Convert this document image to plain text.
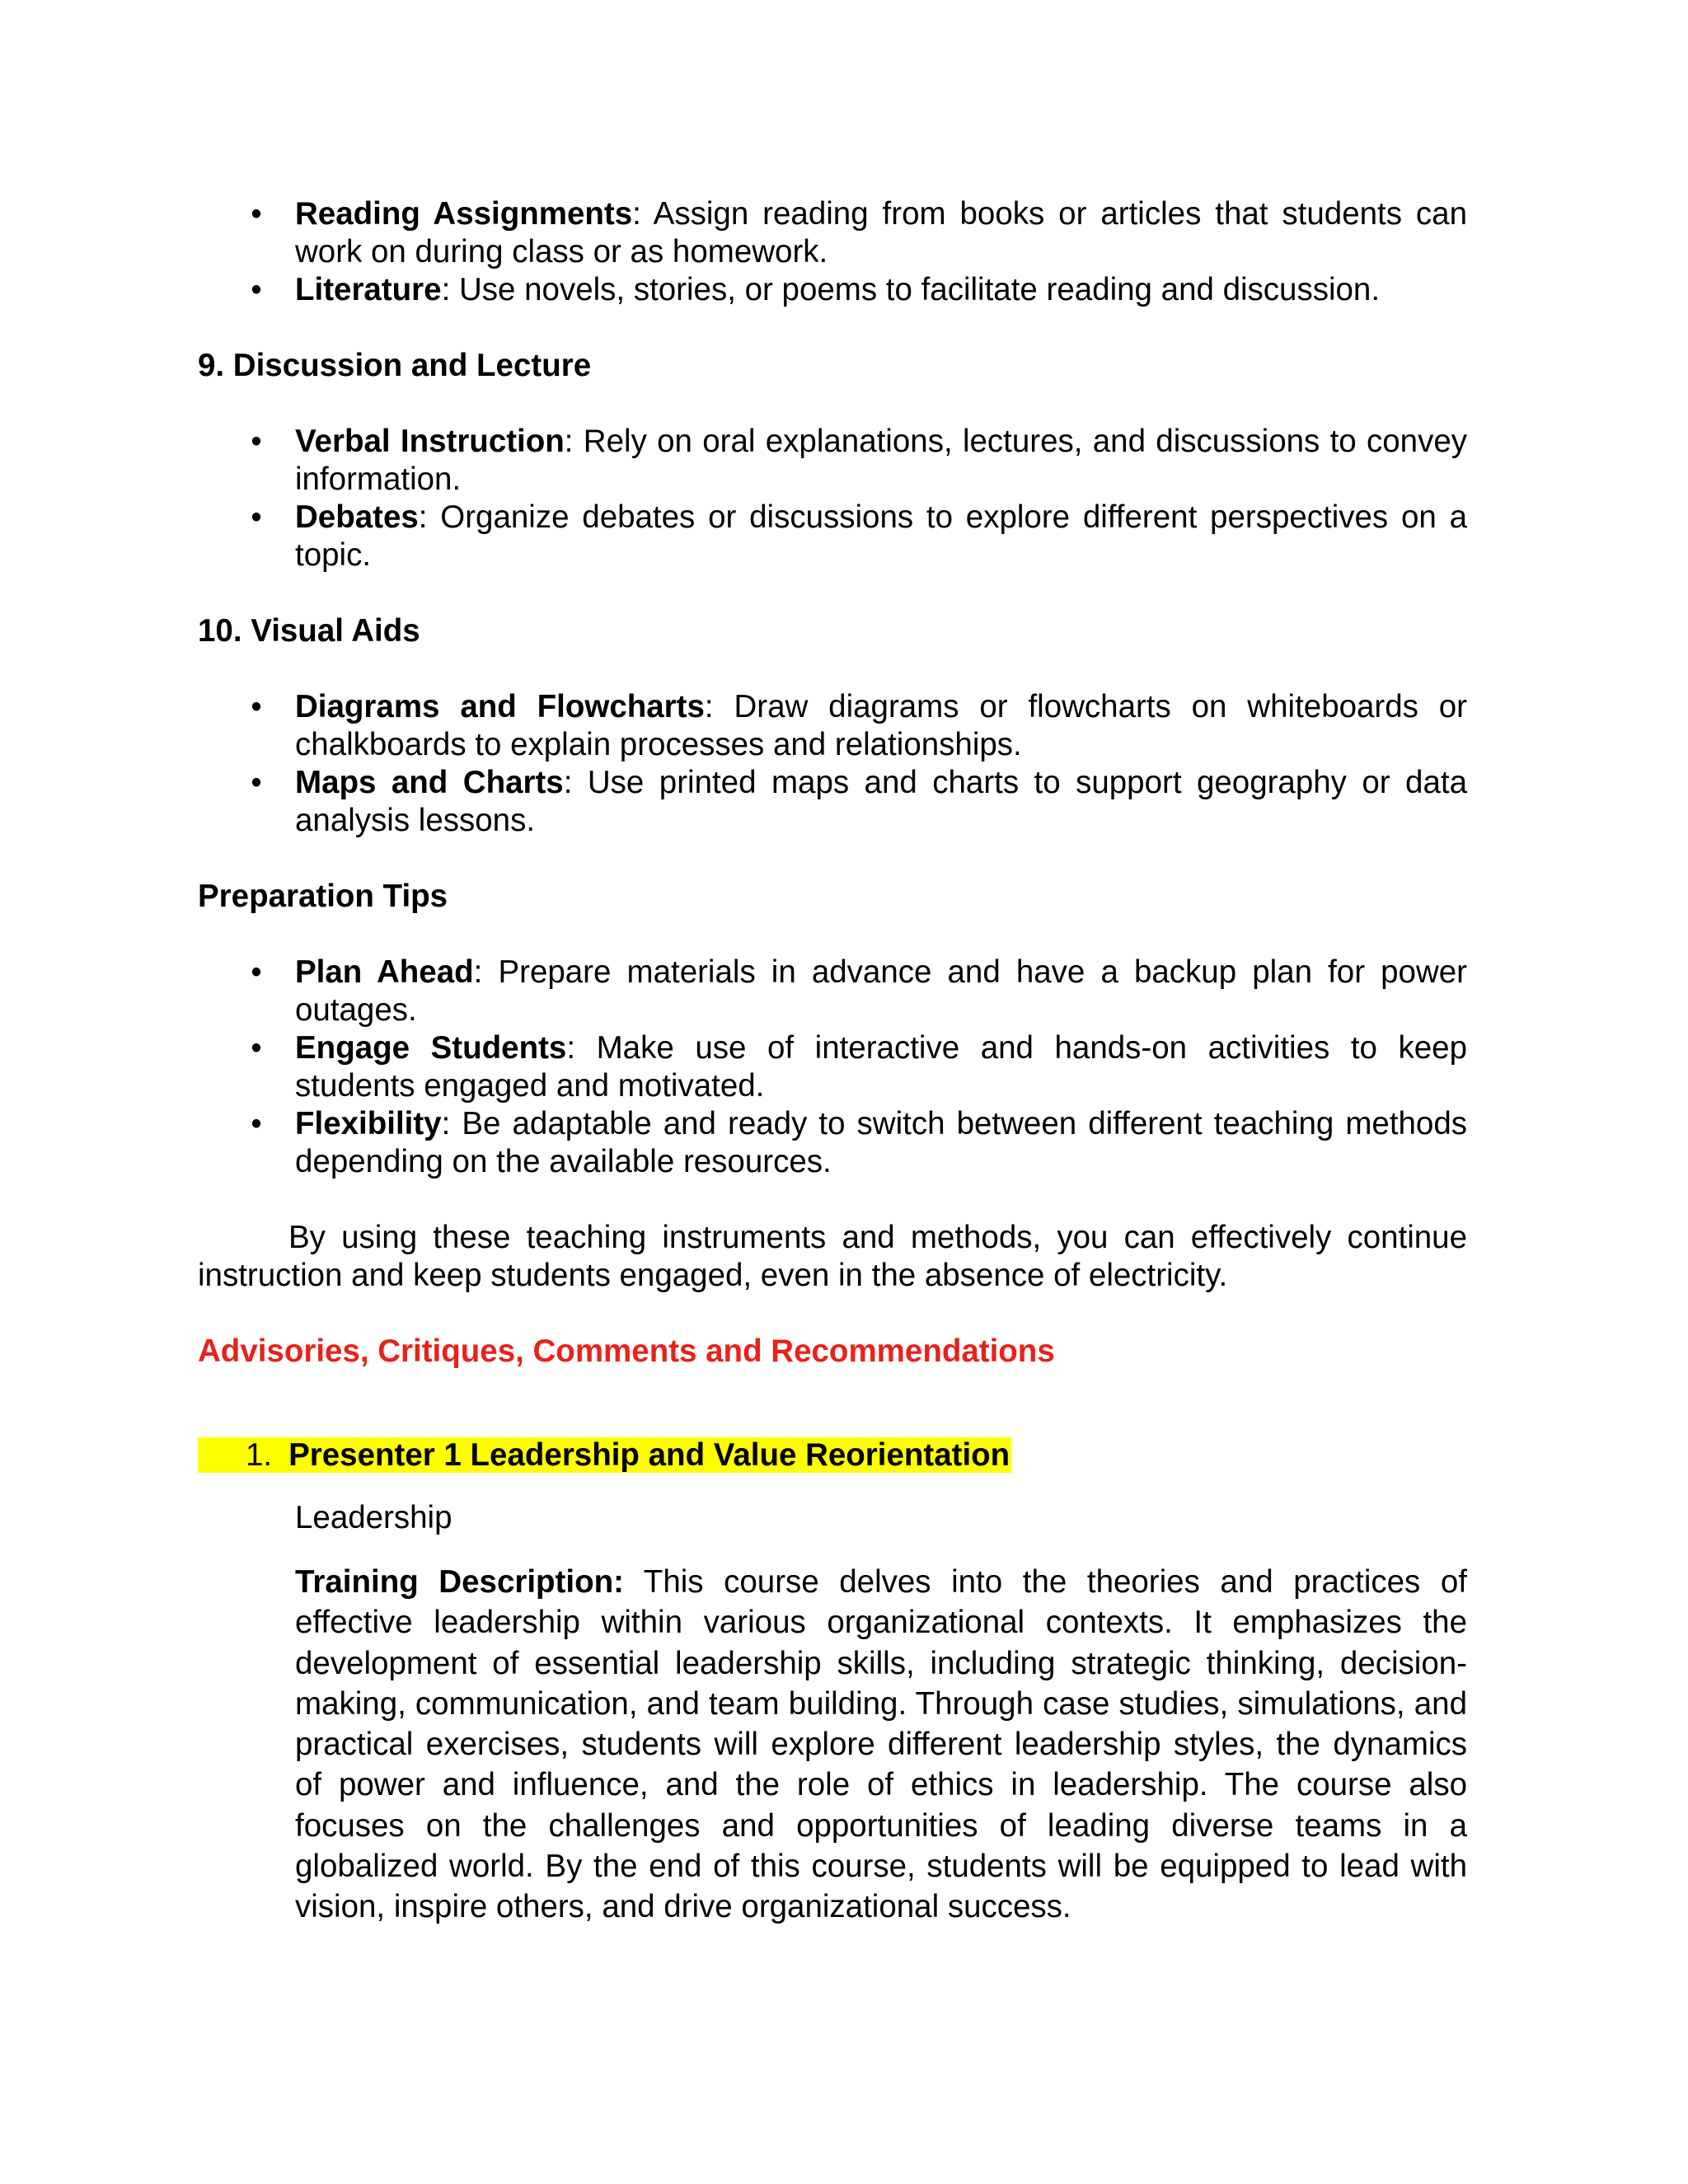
• Reading Assignments: Assign reading from books or articles that students can work on during class or as homework.
• Literature: Use novels, stories, or poems to facilitate reading and discussion.

9. Discussion and Lecture

• Verbal Instruction: Rely on oral explanations, lectures, and discussions to convey information.
• Debates: Organize debates or discussions to explore different perspectives on a topic.

10. Visual Aids

• Diagrams and Flowcharts: Draw diagrams or flowcharts on whiteboards or chalkboards to explain processes and relationships.
• Maps and Charts: Use printed maps and charts to support geography or data analysis lessons.

Preparation Tips

• Plan Ahead: Prepare materials in advance and have a backup plan for power outages.
• Engage Students: Make use of interactive and hands-on activities to keep students engaged and motivated.
• Flexibility: Be adaptable and ready to switch between different teaching methods depending on the available resources.

By using these teaching instruments and methods, you can effectively continue instruction and keep students engaged, even in the absence of electricity.

Advisories, Critiques, Comments and Recommendations

1. Presenter 1 Leadership and Value Reorientation

Leadership

Training Description: This course delves into the theories and practices of effective leadership within various organizational contexts. It emphasizes the development of essential leadership skills, including strategic thinking, decision-making, communication, and team building. Through case studies, simulations, and practical exercises, students will explore different leadership styles, the dynamics of power and influence, and the role of ethics in leadership. The course also focuses on the challenges and opportunities of leading diverse teams in a globalized world. By the end of this course, students will be equipped to lead with vision, inspire others, and drive organizational success.
